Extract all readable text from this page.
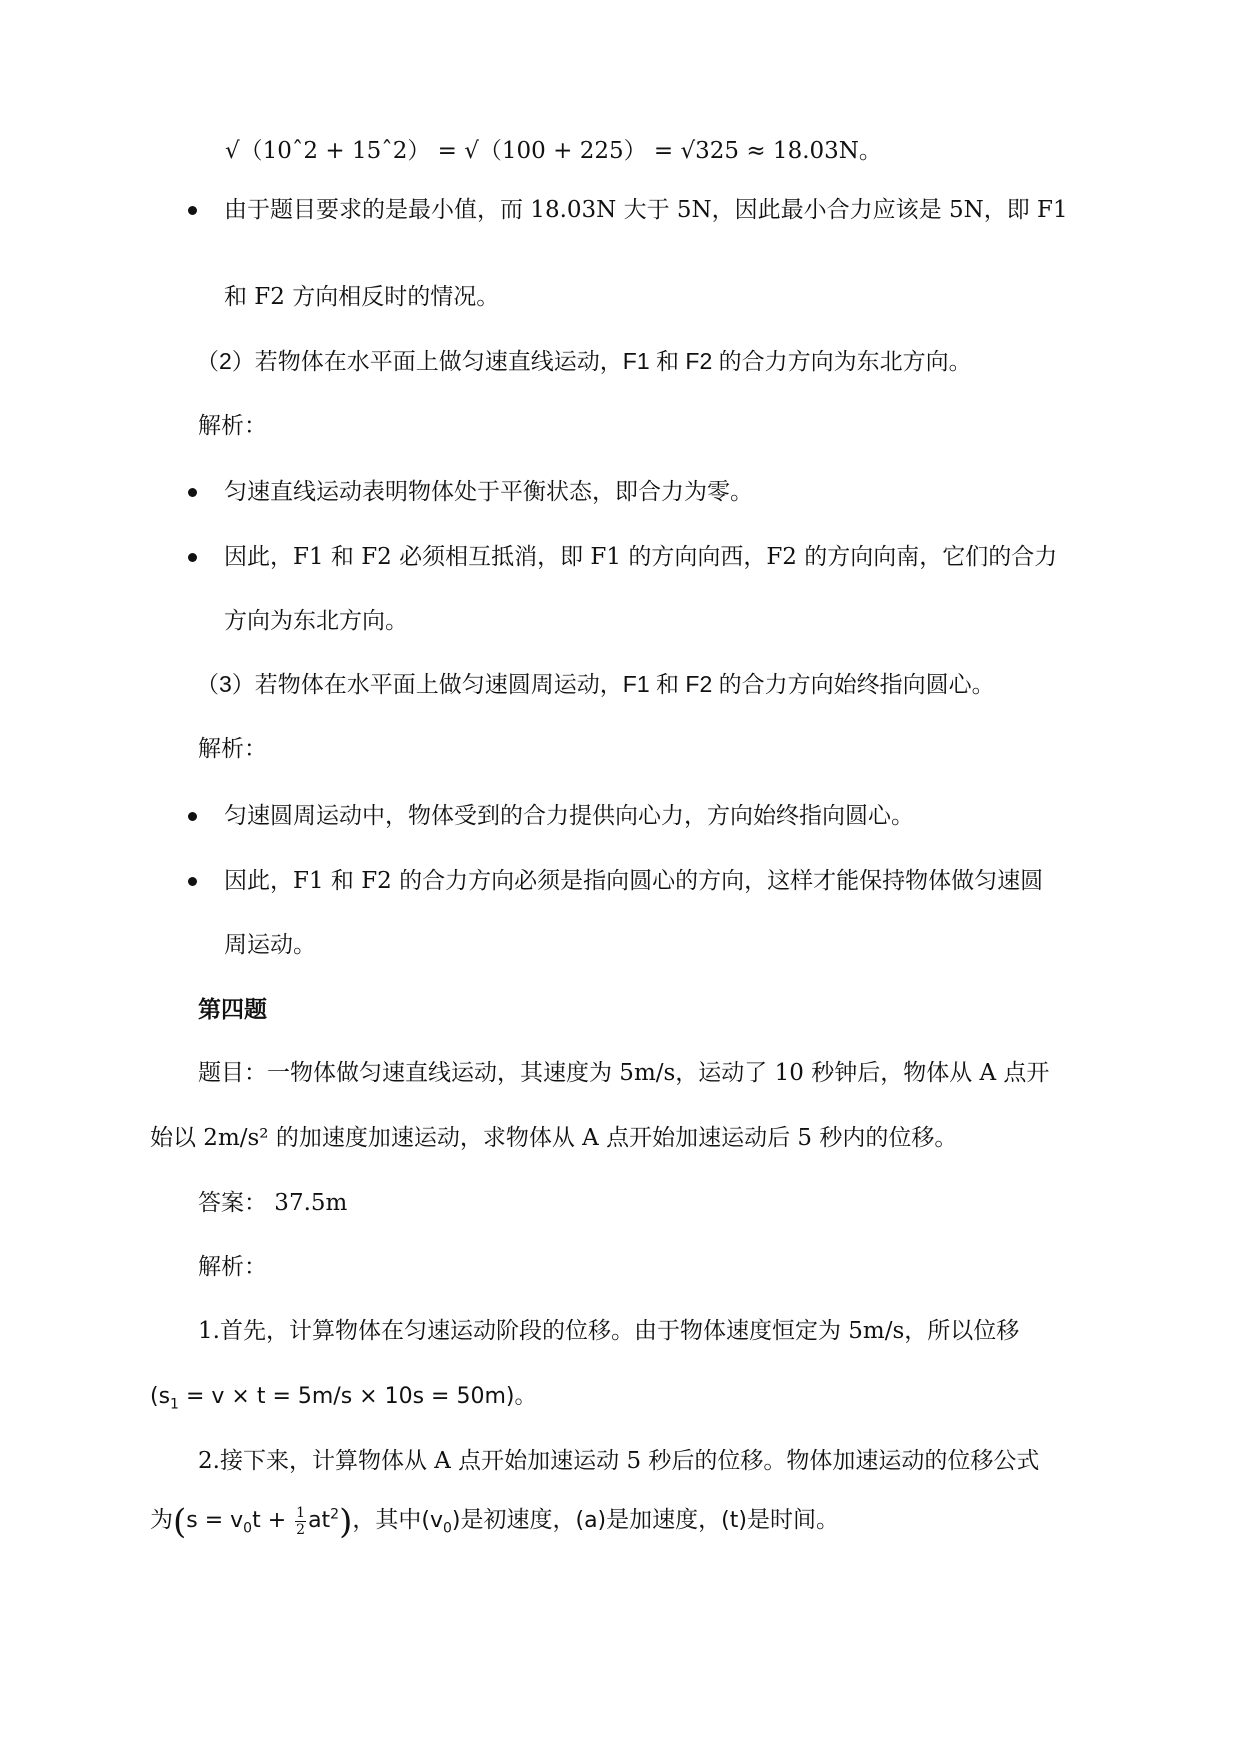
√（10ˆ2 + 15ˆ2） = √（100 + 225） = √325 ≈ 18.03N。
由于题目要求的是最小值，而 18.03N 大于 5N，因此最小合力应该是 5N，即 F1
和 F2 方向相反时的情况。
（2）若物体在水平面上做匀速直线运动，F1 和 F2 的合力方向为东北方向。
解析：
匀速直线运动表明物体处于平衡状态，即合力为零。
因此，F1 和 F2 必须相互抵消，即 F1 的方向向西，F2 的方向向南，它们的合力
方向为东北方向。
（3）若物体在水平面上做匀速圆周运动，F1 和 F2 的合力方向始终指向圆心。
解析：
匀速圆周运动中，物体受到的合力提供向心力，方向始终指向圆心。
因此，F1 和 F2 的合力方向必须是指向圆心的方向，这样才能保持物体做匀速圆
周运动。
第四题
题目：一物体做匀速直线运动，其速度为 5m/s，运动了 10 秒钟后，物体从 A 点开
始以 2m/s² 的加速度加速运动，求物体从 A 点开始加速运动后 5 秒内的位移。
答案： 37.5m
解析：
1.首先，计算物体在匀速运动阶段的位移。由于物体速度恒定为 5m/s，所以位移
$(s_1 = v \times t = 5m/s \times 10s = 50m)$。
2.接下来，计算物体从 A 点开始加速运动 5 秒后的位移。物体加速运动的位移公式
为$(s = v_0t + \frac{1}{2} at^2)$，其中$(v_0)$是初速度，(a)是加速度，(t)是时间。
